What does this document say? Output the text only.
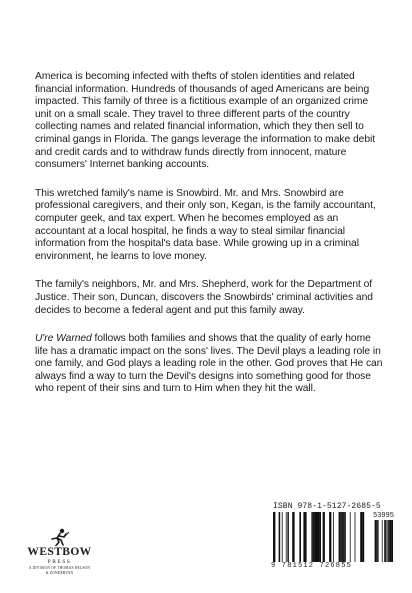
America is becoming infected with thefts of stolen identities and related financial information. Hundreds of thousands of aged Americans are being impacted. This family of three is a fictitious example of an organized crime unit on a small scale. They travel to three different parts of the country collecting names and related financial information, which they then sell to criminal gangs in Florida. The gangs leverage the information to make debit and credit cards and to withdraw funds directly from innocent, mature consumers' Internet banking accounts.

This wretched family's name is Snowbird. Mr. and Mrs. Snowbird are professional caregivers, and their only son, Kegan, is the family accountant, computer geek, and tax expert. When he becomes employed as an accountant at a local hospital, he finds a way to steal similar financial information from the hospital's data base. While growing up in a criminal environment, he learns to love money.

The family's neighbors, Mr. and Mrs. Shepherd, work for the Department of Justice. Their son, Duncan, discovers the Snowbirds' criminal activities and decides to become a federal agent and put this family away.

U're Warned follows both families and shows that the quality of early home life has a dramatic impact on the sons' lives. The Devil plays a leading role in one family, and God plays a leading role in the other. God proves that He can always find a way to turn the Devil's designs into something good for those who repent of their sins and turn to Him when they hit the wall.

WESTBOW
PRESS
A DIVISION OF THOMAS NELSON
& ZONDERVAN
ISBN 978-1-5127-2685-5
53995
9 781512 726855
